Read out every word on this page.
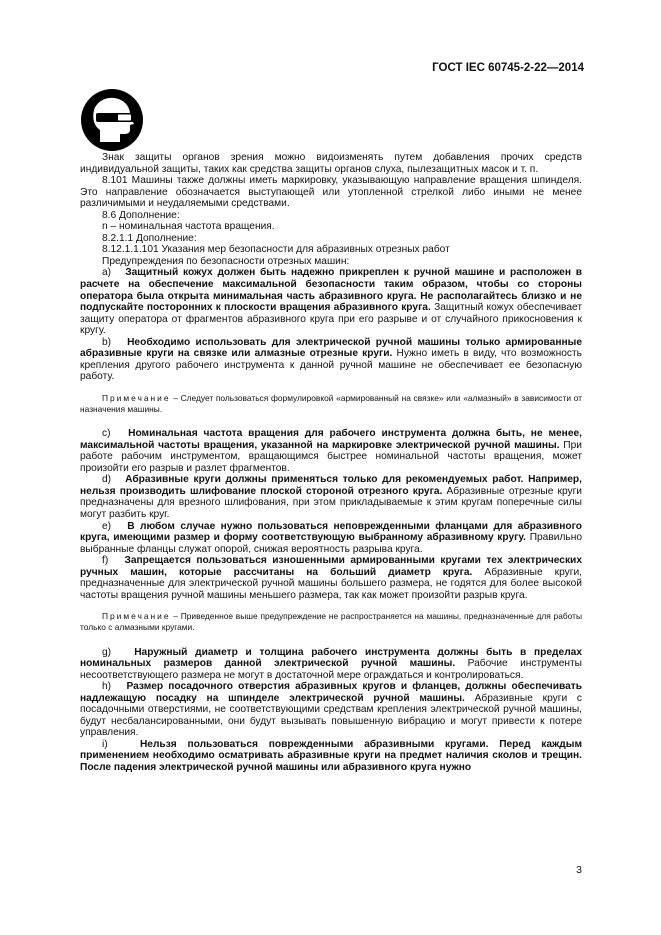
ГОСТ IEC 60745-2-22—2014

Знак защиты органов зрения можно видоизменять путем добавления прочих средств индивидуальной защиты, таких как средства защиты органов слуха, пылезащитных масок и т. п.

8.101 Машины также должны иметь маркировку, указывающую направление вращения шпинделя. Это направление обозначается выступающей или утопленной стрелкой либо иными не менее различимыми и неудаляемыми средствами.

8.6 Дополнение:

n – номинальная частота вращения.

8.2.1.1 Дополнение:

8.12.1.1.101 Указания мер безопасности для абразивных отрезных работ

Предупреждения по безопасности отрезных машин:

a) Защитный кожух должен быть надежно прикреплен к ручной машине и расположен в расчете на обеспечение максимальной безопасности таким образом, чтобы со стороны оператора была открыта минимальная часть абразивного круга. Не располагайтесь близко и не подпускайте посторонних к плоскости вращения абразивного круга. Защитный кожух обеспечивает защиту оператора от фрагментов абразивного круга при его разрыве и от случайного прикосновения к кругу.

b) Необходимо использовать для электрической ручной машины только армированные абразивные круги на связке или алмазные отрезные круги. Нужно иметь в виду, что возможность крепления другого рабочего инструмента к данной ручной машине не обеспечивает ее безопасную работу.

Примечание – Следует пользоваться формулировкой «армированный на связке» или «алмазный» в зависимости от назначения машины.

c) Номинальная частота вращения для рабочего инструмента должна быть, не менее, максимальной частоты вращения, указанной на маркировке электрической ручной машины. При работе рабочим инструментом, вращающимся быстрее номинальной частоты вращения, может произойти его разрыв и разлет фрагментов.

d) Абразивные круги должны применяться только для рекомендуемых работ. Например, нельзя производить шлифование плоской стороной отрезного круга. Абразивные отрезные круги предназначены для врезного шлифования, при этом прикладываемые к этим кругам поперечные силы могут разбить круг.

e) В любом случае нужно пользоваться неповрежденными фланцами для абразивного круга, имеющими размер и форму соответствующую выбранному абразивному кругу. Правильно выбранные фланцы служат опорой, снижая вероятность разрыва круга.

f) Запрещается пользоваться изношенными армированными кругами тех электрических ручных машин, которые рассчитаны на больший диаметр круга. Абразивные круги, предназначенные для электрической ручной машины большего размера, не годятся для более высокой частоты вращения ручной машины меньшего размера, так как может произойти разрыв круга.

Примечание – Приведенное выше предупреждение не распространяется на машины, предназначенные для работы только с алмазными кругами.

g) Наружный диаметр и толщина рабочего инструмента должны быть в пределах номинальных размеров данной электрической ручной машины. Рабочие инструменты несоответствующего размера не могут в достаточной мере ограждаться и контролироваться.

h) Размер посадочного отверстия абразивных кругов и фланцев, должны обеспечивать надлежащую посадку на шпинделе электрической ручной машины. Абразивные круги с посадочными отверстиями, не соответствующими средствам крепления электрической ручной машины, будут несбалансированными, они будут вызывать повышенную вибрацию и могут привести к потере управления.

i)	Нельзя пользоваться поврежденными абразивными кругами. Перед каждым применением необходимо осматривать абразивные круги на предмет наличия сколов и трещин. После падения электрической ручной машины или абразивного круга нужно

3
